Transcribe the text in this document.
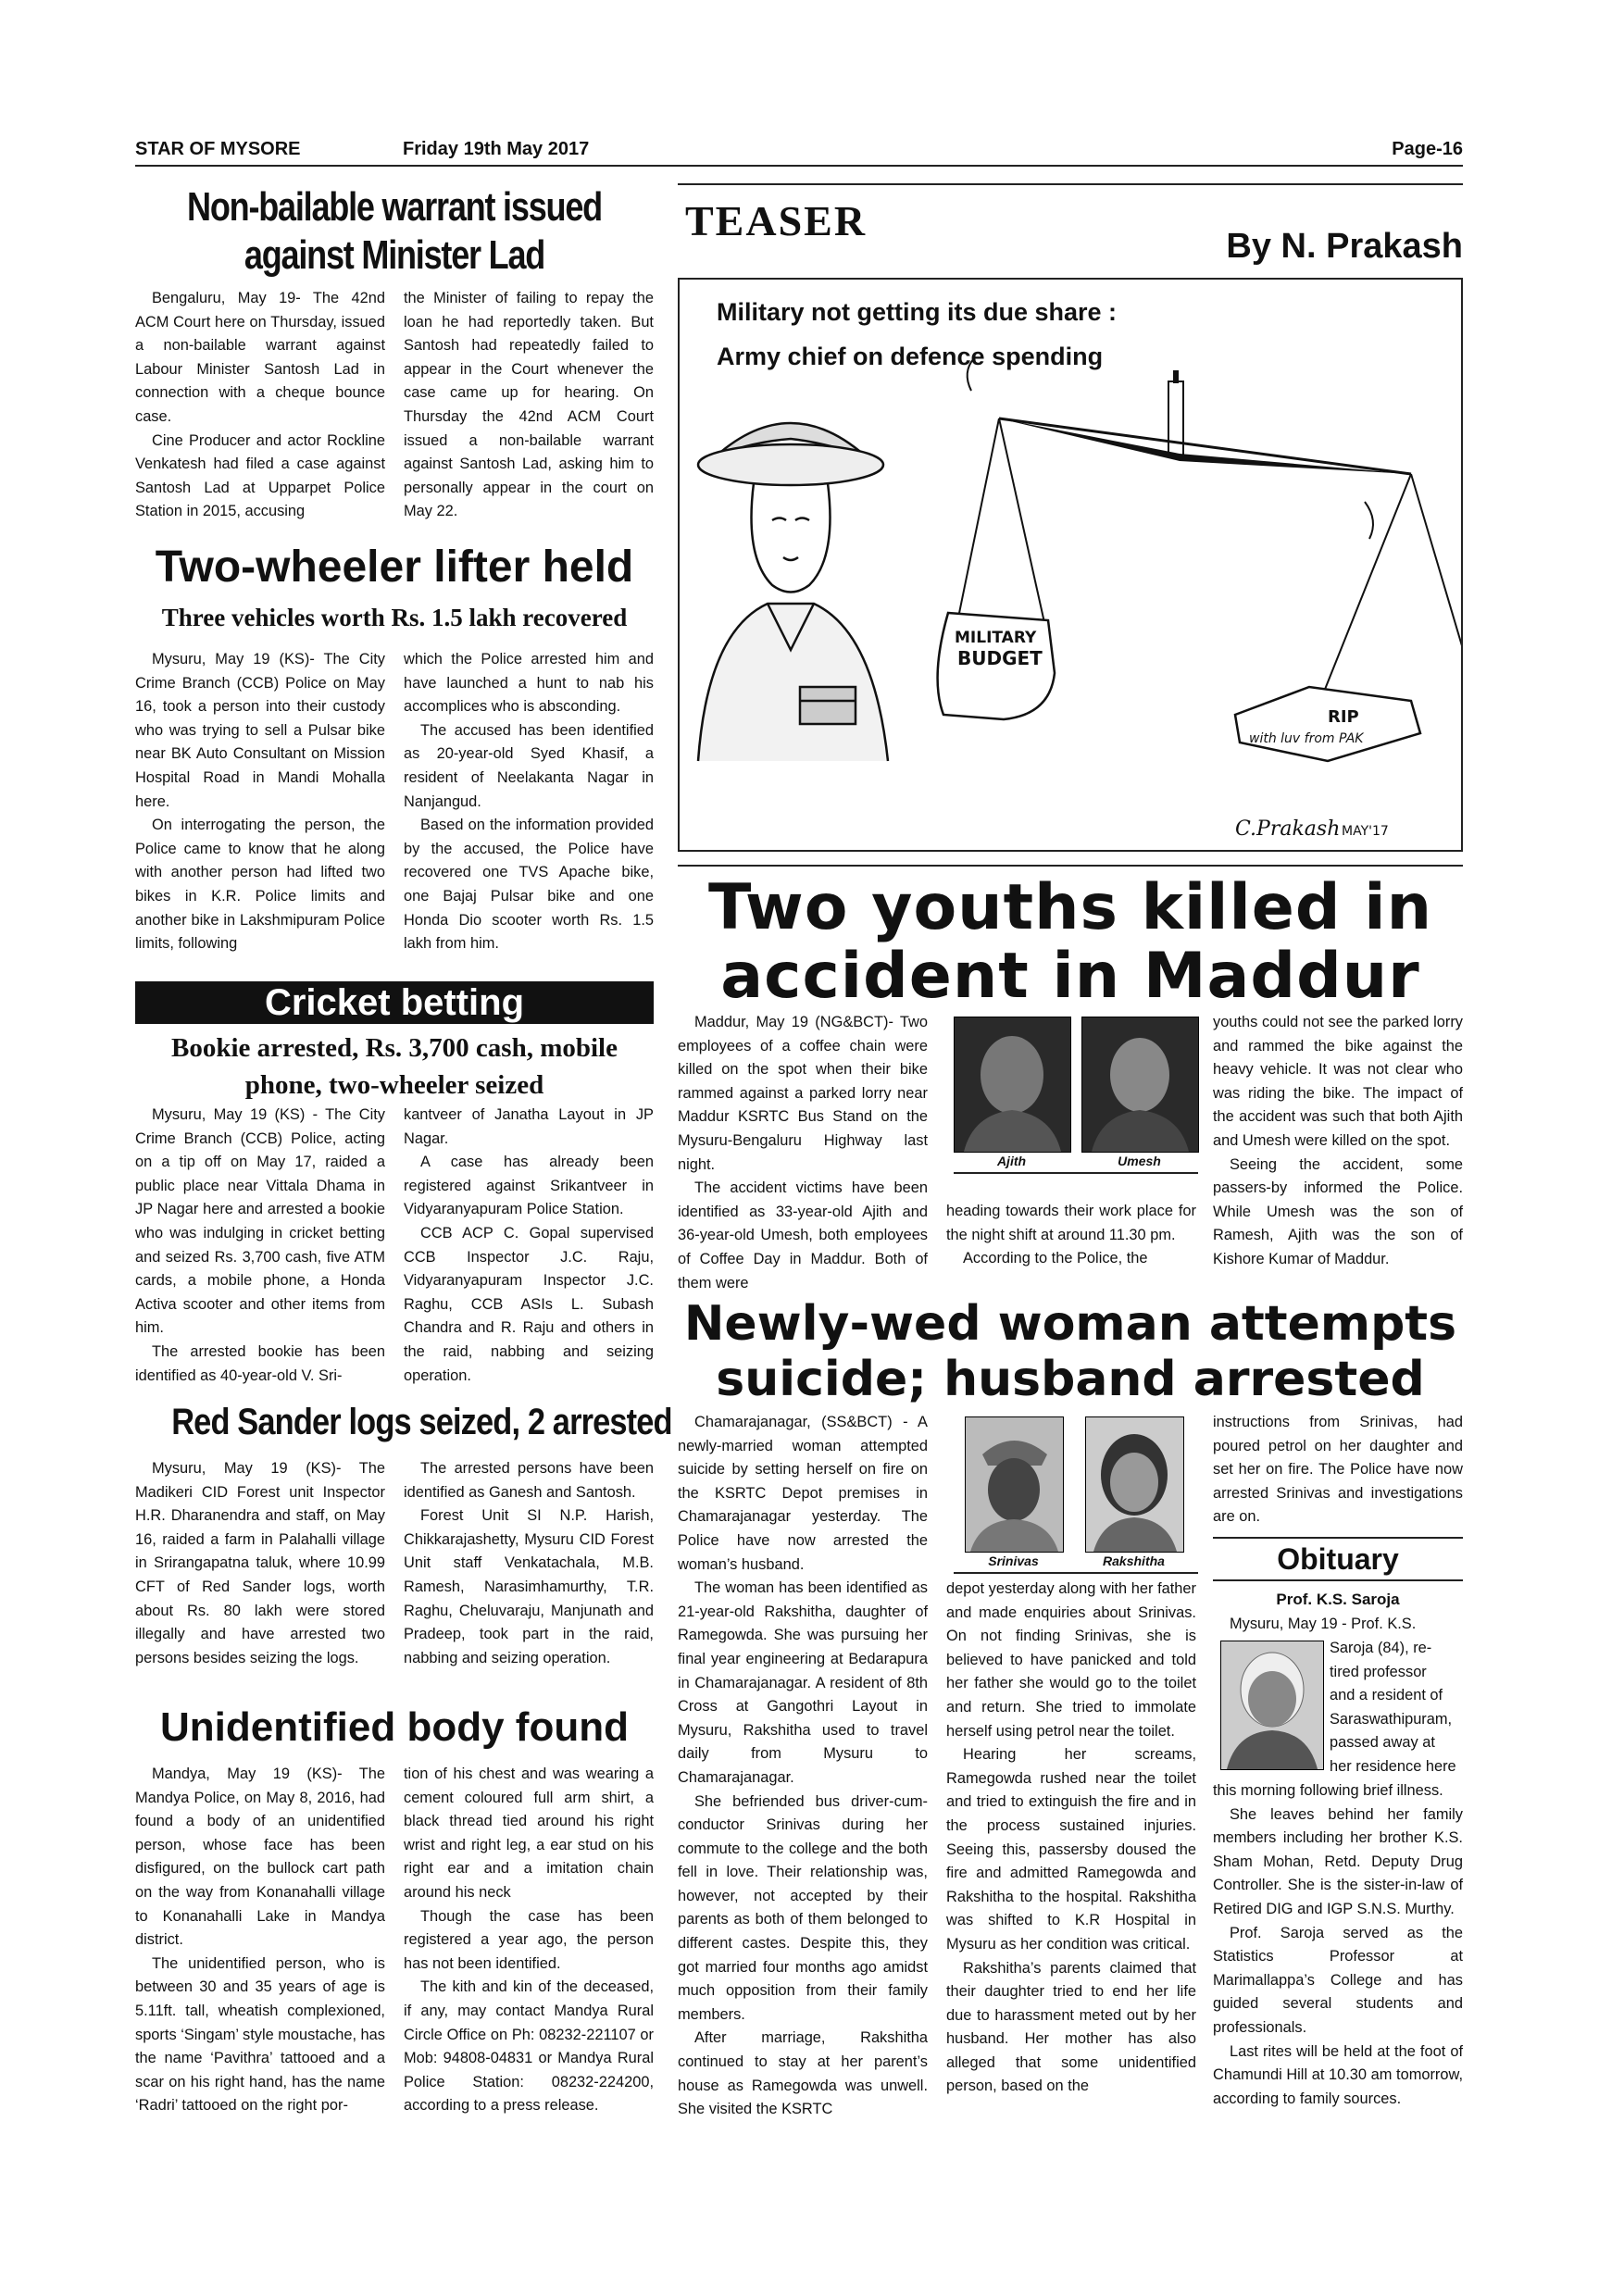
STAR OF MYSORE	Friday 19th May 2017	Page-16
Non-bailable warrant issued
against Minister Lad

Bengaluru, May 19- The 42nd ACM Court here on Thursday, issued a non-bailable warrant against Labour Minister Santosh Lad in connection with a cheque bounce case.

Cine Producer and actor Rockline Venkatesh had filed a case against Santosh Lad at Upparpet Police Station in 2015, accusing

the Minister of failing to repay the loan he had reportedly taken. But Santosh had repeatedly failed to appear in the Court whenever the case came up for hearing. On Thursday the 42nd ACM Court issued a non-bailable warrant against Santosh Lad, asking him to personally appear in the court on May 22.

Two-wheeler lifter held
Three vehicles worth Rs. 1.5 lakh recovered

Mysuru, May 19 (KS)- The City Crime Branch (CCB) Police on May 16, took a person into their custody who was trying to sell a Pulsar bike near BK Auto Consultant on Mission Hospital Road in Mandi Mohalla here.

On interrogating the person, the Police came to know that he along with another person had lifted two bikes in K.R. Police limits and another bike in Lakshmipuram Police limits, following

which the Police arrested him and have launched a hunt to nab his accomplices who is absconding.

The accused has been identified as 20-year-old Syed Khasif, a resident of Neelakanta Nagar in Nanjangud.

Based on the information provided by the accused, the Police have recovered one TVS Apache bike, one Bajaj Pulsar bike and one Honda Dio scooter worth Rs. 1.5 lakh from him.

Cricket betting
Bookie arrested, Rs. 3,700 cash, mobile
phone, two-wheeler seized

Mysuru, May 19 (KS) - The City Crime Branch (CCB) Police, acting on a tip off on May 17, raided a public place near Vittala Dhama in JP Nagar here and arrested a bookie who was indulging in cricket betting and seized Rs. 3,700 cash, five ATM cards, a mobile phone, a Honda Activa scooter and other items from him.

The arrested bookie has been identified as 40-year-old V. Sri-

kantveer of Janatha Layout in JP Nagar.

A case has already been registered against Srikantveer in Vidyaranyapuram Police Station.

CCB ACP C. Gopal supervised CCB Inspector J.C. Raju, Vidyaranyapuram Inspector J.C. Raghu, CCB ASIs L. Subash Chandra and R. Raju and others in the raid, nabbing and seizing operation.

Red Sander logs seized, 2 arrested

Mysuru, May 19 (KS)- The Madikeri CID Forest unit Inspector H.R. Dharanendra and staff, on May 16, raided a farm in Palahalli village in Srirangapatna taluk, where 10.99 CFT of Red Sander logs, worth about Rs. 80 lakh were stored illegally and have arrested two persons besides seizing the logs.

The arrested persons have been identified as Ganesh and Santosh.

Forest Unit SI N.P. Harish, Chikkarajashetty, Mysuru CID Forest Unit staff Venkatachala, M.B. Ramesh, Narasimhamurthy, T.R. Raghu, Cheluvaraju, Manjunath and Pradeep, took part in the raid, nabbing and seizing operation.

Unidentified body found

Mandya, May 19 (KS)- The Mandya Police, on May 8, 2016, had found a body of an unidentified person, whose face has been disfigured, on the bullock cart path on the way from Konanahalli village to Konanahalli Lake in Mandya district.

The unidentified person, who is between 30 and 35 years of age is 5.11ft. tall, wheatish complexioned, sports ‘Singam’ style moustache, has the name ‘Pavithra’ tattooed and a scar on his right hand, has the name ‘Radri’ tattooed on the right por-

tion of his chest and was wearing a cement coloured full arm shirt, a black thread tied around his right wrist and right leg, a ear stud on his right ear and a imitation chain around his neck

Though the case has been registered a year ago, the person has not been identified.

The kith and kin of the deceased, if any, may contact Mandya Rural Circle Office on Ph: 08232-221107 or Mob: 94808-04831 or Mandya Rural Police Station: 08232-224200, according to a press release.

TEASER
By N. Prakash
Military not getting its due share :
Army chief on defence spending
MILITARY
BUDGET
RIP
with luv from PAK
C.Prakash MAY'17
Two youths killed in
accident in Maddur

Maddur, May 19 (NG&BCT)- Two employees of a coffee chain were killed on the spot when their bike rammed against a parked lorry near Maddur KSRTC Bus Stand on the Mysuru-Bengaluru Highway last night.

The accident victims have been identified as 33-year-old Ajith and 36-year-old Umesh, both employees of Coffee Day in Maddur. Both of them were

Ajith	Umesh

heading towards their work place for the night shift at around 11.30 pm.

According to the Police, the

youths could not see the parked lorry and rammed the bike against the heavy vehicle. It was not clear who was riding the bike. The impact of the accident was such that both Ajith and Umesh were killed on the spot.

Seeing the accident, some passers-by informed the Police. While Umesh was the son of Ramesh, Ajith was the son of Kishore Kumar of Maddur.

Newly-wed woman attempts
suicide; husband arrested

Chamarajanagar, (SS&BCT) - A newly-married woman attempted suicide by setting herself on fire on the KSRTC Depot premises in Chamarajanagar yesterday. The Police have now arrested the woman’s husband.

The woman has been identified as 21-year-old Rakshitha, daughter of Ramegowda. She was pursuing her final year engineering at Bedarapura in Chamarajanagar. A resident of 8th Cross at Gangothri Layout in Mysuru, Rakshitha used to travel daily from Mysuru to Chamarajanagar.

She befriended bus driver-cum-conductor Srinivas during her commute to the college and the both fell in love. Their relationship was, however, not accepted by their parents as both of them belonged to different castes. Despite this, they got married four months ago amidst much opposition from their family members.

After marriage, Rakshitha continued to stay at her parent’s house as Ramegowda was unwell. She visited the KSRTC

Srinivas	Rakshitha

depot yesterday along with her father and made enquiries about Srinivas. On not finding Srinivas, she is believed to have panicked and told her father she would go to the toilet and return. She tried to immolate herself using petrol near the toilet.

Hearing her screams, Ramegowda rushed near the toilet and tried to extinguish the fire and in the process sustained injuries. Seeing this, passersby doused the fire and admitted Ramegowda and Rakshitha to the hospital. Rakshitha was shifted to K.R Hospital in Mysuru as her condition was critical.

Rakshitha’s parents claimed that their daughter tried to end her life due to harassment meted out by her husband. Her mother has also alleged that some unidentified person, based on the

instructions from Srinivas, had poured petrol on her daughter and set her on fire. The Police have now arrested Srinivas and investigations are on.

Obituary
Prof. K.S. Saroja

Mysuru, May 19 - Prof. K.S.

Saroja (84), re-
tired professor
and a resident of
Saraswathipuram,
passed away at
her residence here

this morning following brief illness.

She leaves behind her family members including her brother K.S. Sham Mohan, Retd. Deputy Drug Controller. She is the sister-in-law of Retired DIG and IGP S.N.S. Murthy.

Prof. Saroja served as the Statistics Professor at Marimallappa’s College and has guided several students and professionals.

Last rites will be held at the foot of Chamundi Hill at 10.30 am tomorrow, according to family sources.
